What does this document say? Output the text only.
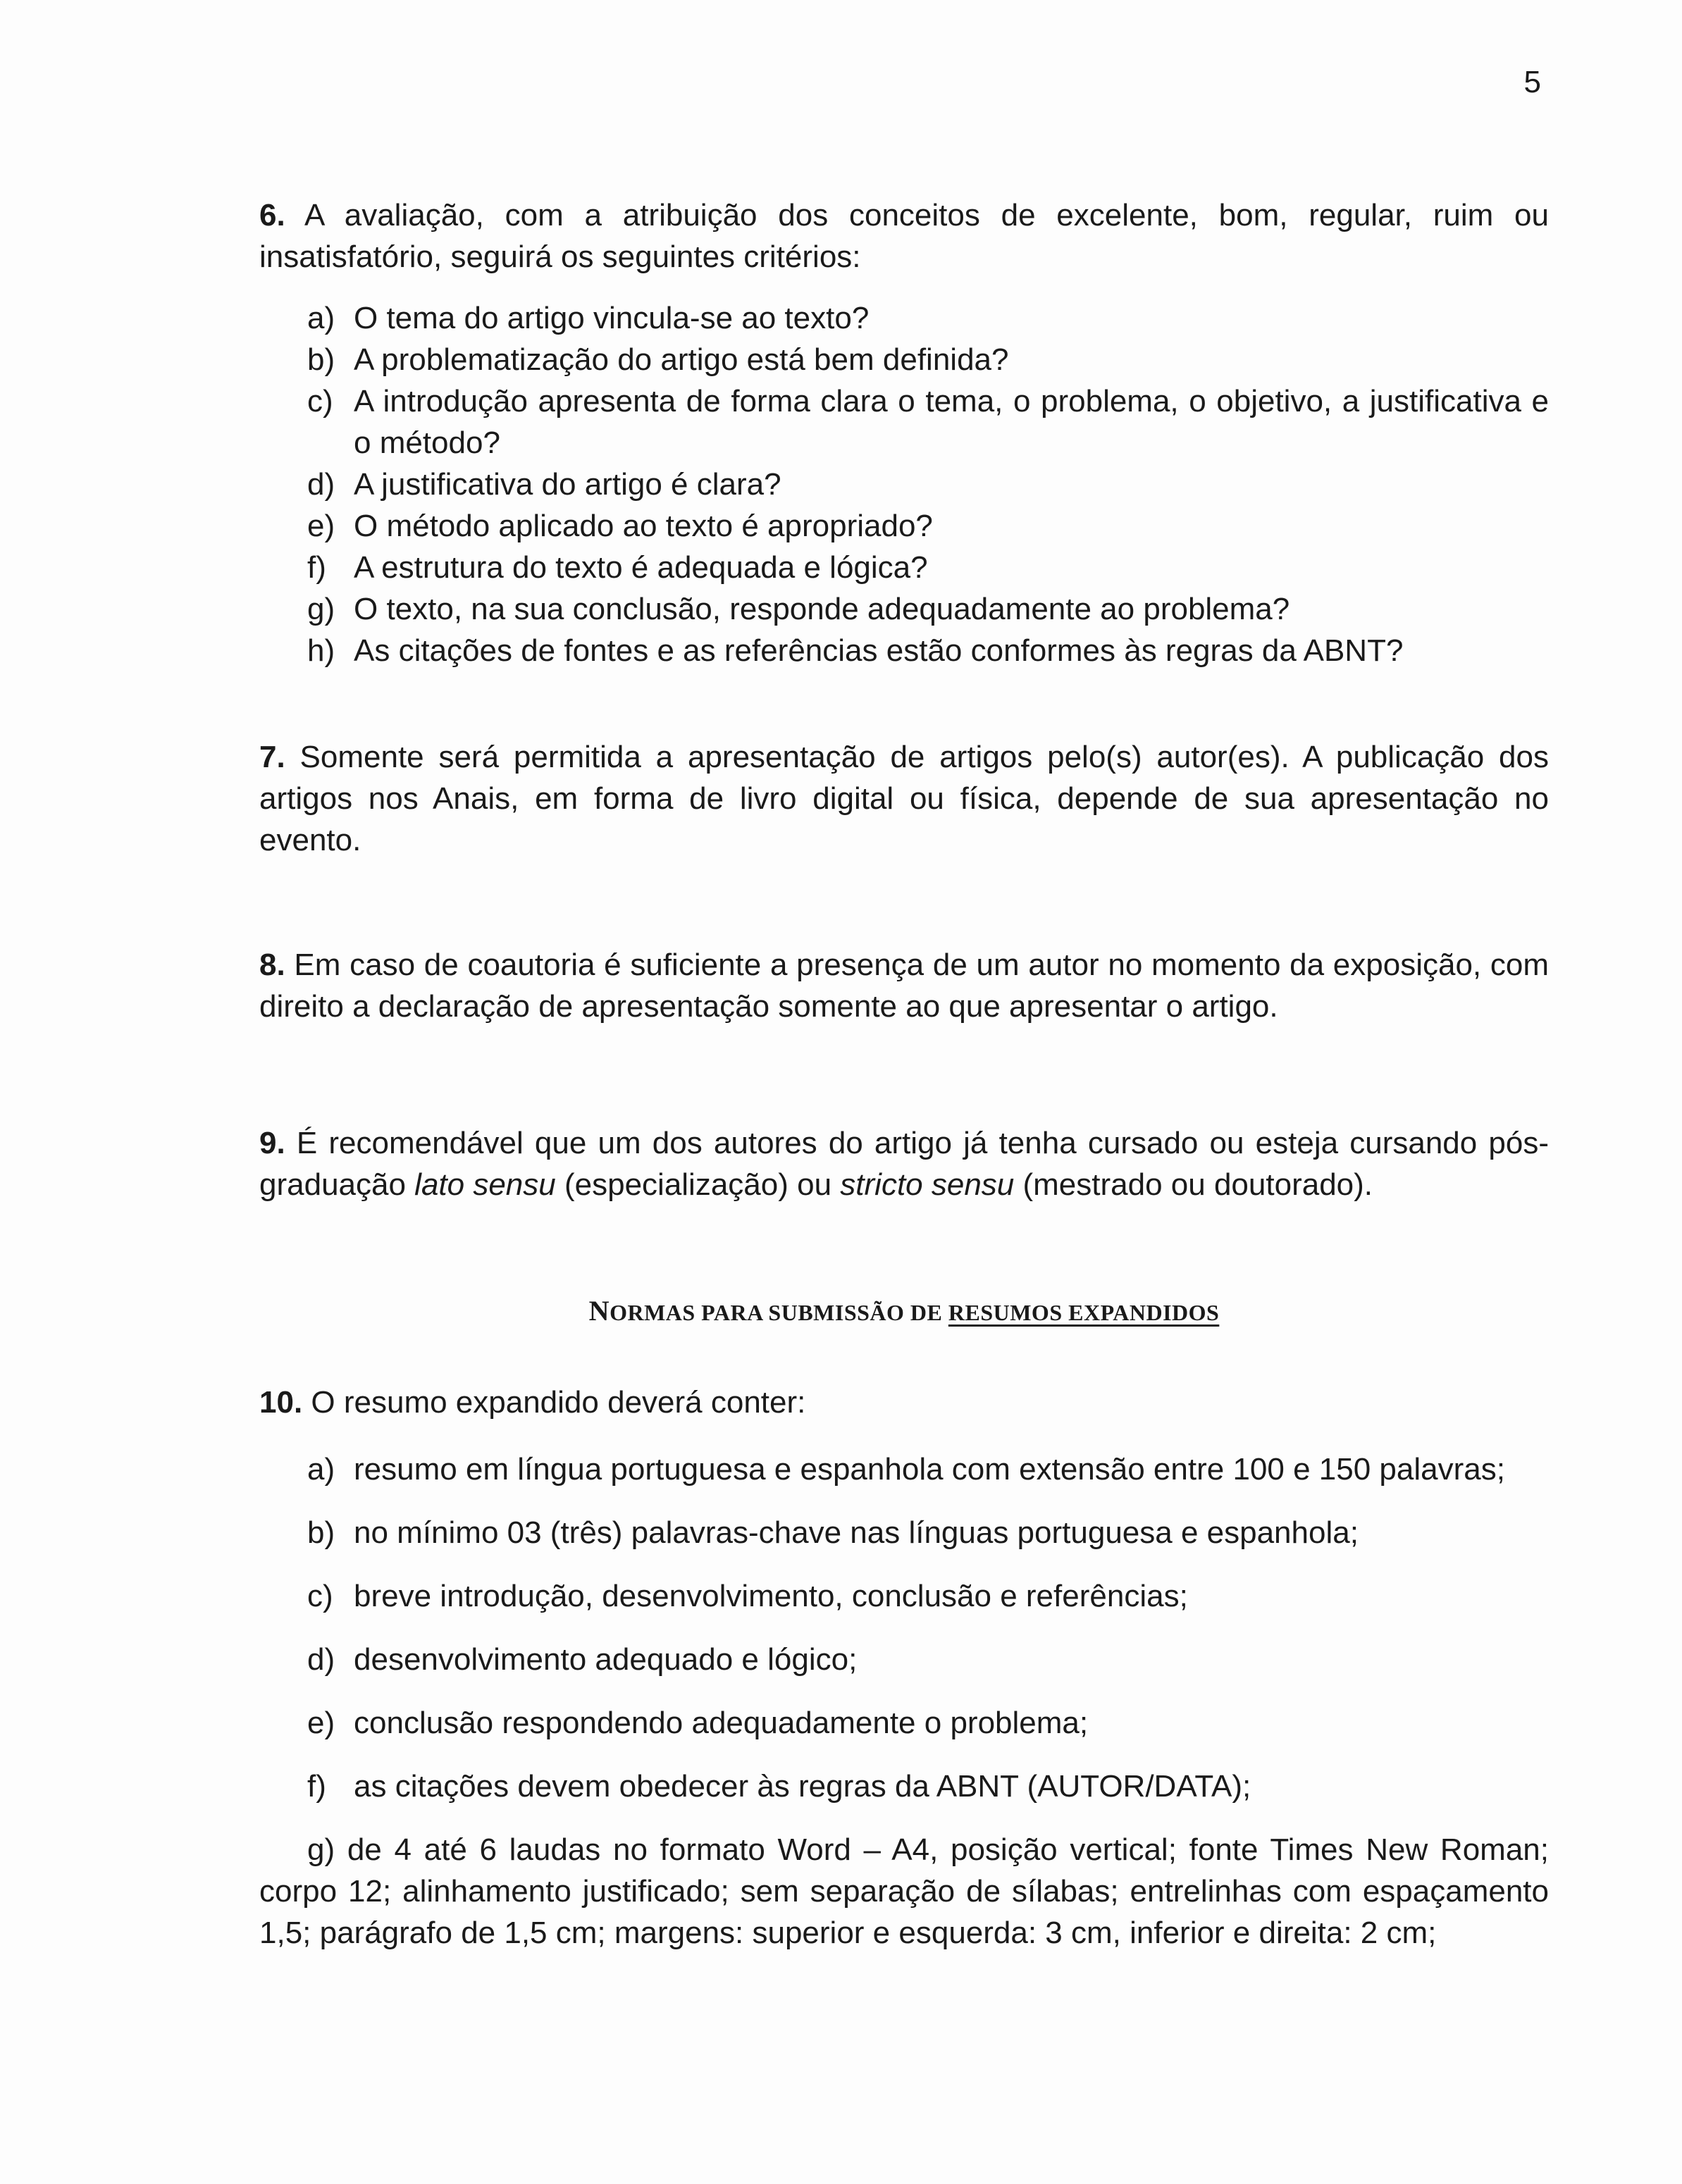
5

6. A avaliação, com a atribuição dos conceitos de excelente, bom, regular, ruim ou insatisfatório, seguirá os seguintes critérios:

a) O tema do artigo vincula-se ao texto?
b) A problematização do artigo está bem definida?
c) A introdução apresenta de forma clara o tema, o problema, o objetivo, a justificativa e o método?
d) A justificativa do artigo é clara?
e) O método aplicado ao texto é apropriado?
f) A estrutura do texto é adequada e lógica?
g) O texto, na sua conclusão, responde adequadamente ao problema?
h) As citações de fontes e as referências estão conformes às regras da ABNT?

7. Somente será permitida a apresentação de artigos pelo(s) autor(es). A publicação dos artigos nos Anais, em forma de livro digital ou física, depende de sua apresentação no evento.

8. Em caso de coautoria é suficiente a presença de um autor no momento da exposição, com direito a declaração de apresentação somente ao que apresentar o artigo.

9. É recomendável que um dos autores do artigo já tenha cursado ou esteja cursando pós-graduação lato sensu (especialização) ou stricto sensu (mestrado ou doutorado).

NORMAS PARA SUBMISSÃO DE RESUMOS EXPANDIDOS

10. O resumo expandido deverá conter:

a) resumo em língua portuguesa e espanhola com extensão entre 100 e 150 palavras;
b) no mínimo 03 (três) palavras-chave nas línguas portuguesa e espanhola;
c) breve introdução, desenvolvimento, conclusão e referências;
d) desenvolvimento adequado e lógico;
e) conclusão respondendo adequadamente o problema;
f) as citações devem obedecer às regras da ABNT (AUTOR/DATA);

g) de 4 até 6 laudas no formato Word – A4, posição vertical; fonte Times New Roman; corpo 12; alinhamento justificado; sem separação de sílabas; entrelinhas com espaçamento 1,5; parágrafo de 1,5 cm; margens: superior e esquerda: 3 cm, inferior e direita: 2 cm;
